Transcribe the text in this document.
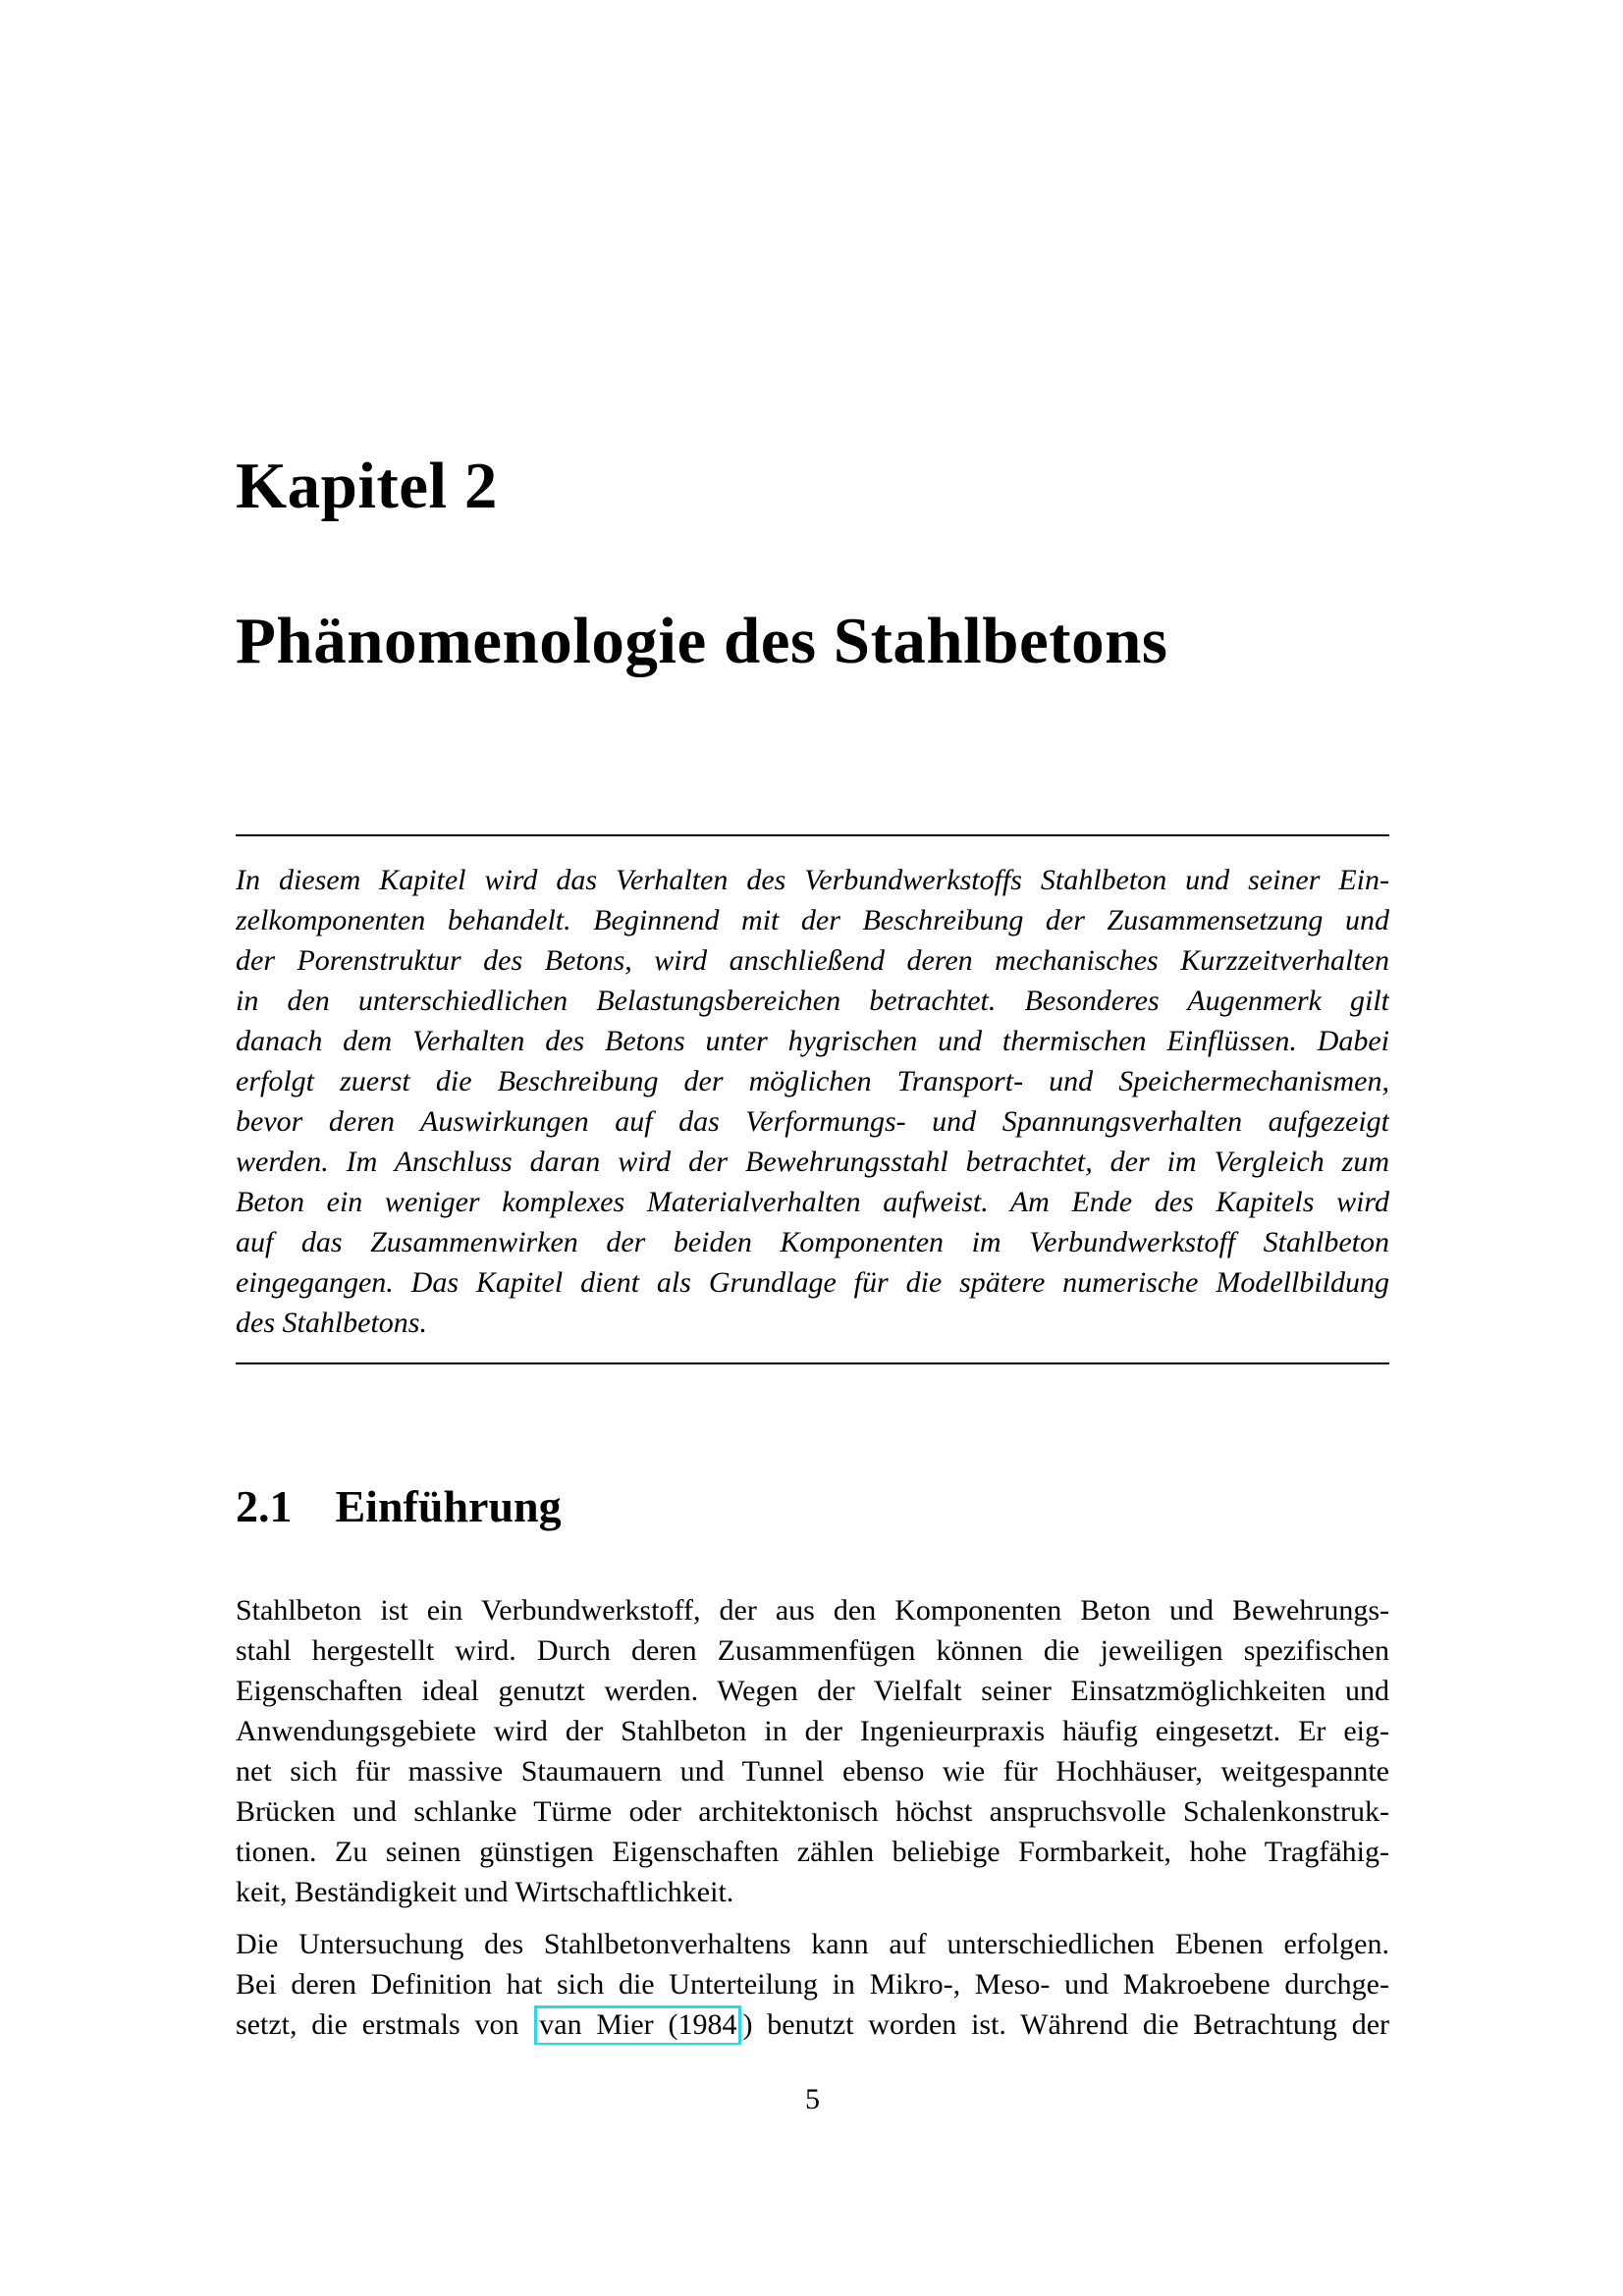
Kapitel 2
Phänomenologie des Stahlbetons
In diesem Kapitel wird das Verhalten des Verbundwerkstoffs Stahlbeton und seiner Ein-
zelkomponenten behandelt. Beginnend mit der Beschreibung der Zusammensetzung und
der Porenstruktur des Betons, wird anschließend deren mechanisches Kurzzeitverhalten
in den unterschiedlichen Belastungsbereichen betrachtet. Besonderes Augenmerk gilt
danach dem Verhalten des Betons unter hygrischen und thermischen Einflüssen. Dabei
erfolgt zuerst die Beschreibung der möglichen Transport- und Speichermechanismen,
bevor deren Auswirkungen auf das Verformungs- und Spannungsverhalten aufgezeigt
werden. Im Anschluss daran wird der Bewehrungsstahl betrachtet, der im Vergleich zum
Beton ein weniger komplexes Materialverhalten aufweist. Am Ende des Kapitels wird
auf das Zusammenwirken der beiden Komponenten im Verbundwerkstoff Stahlbeton
eingegangen. Das Kapitel dient als Grundlage für die spätere numerische Modellbildung
des Stahlbetons.
2.1 Einführung
Stahlbeton ist ein Verbundwerkstoff, der aus den Komponenten Beton und Bewehrungs-
stahl hergestellt wird. Durch deren Zusammenfügen können die jeweiligen spezifischen
Eigenschaften ideal genutzt werden. Wegen der Vielfalt seiner Einsatzmöglichkeiten und
Anwendungsgebiete wird der Stahlbeton in der Ingenieurpraxis häufig eingesetzt. Er eig-
net sich für massive Staumauern und Tunnel ebenso wie für Hochhäuser, weitgespannte
Brücken und schlanke Türme oder architektonisch höchst anspruchsvolle Schalenkonstruk-
tionen. Zu seinen günstigen Eigenschaften zählen beliebige Formbarkeit, hohe Tragfähig-
keit, Beständigkeit und Wirtschaftlichkeit.
Die Untersuchung des Stahlbetonverhaltens kann auf unterschiedlichen Ebenen erfolgen.
Bei deren Definition hat sich die Unterteilung in Mikro-, Meso- und Makroebene durchge-
setzt, die erstmals von van Mier (1984 ) benutzt worden ist. Während die Betrachtung der
5
